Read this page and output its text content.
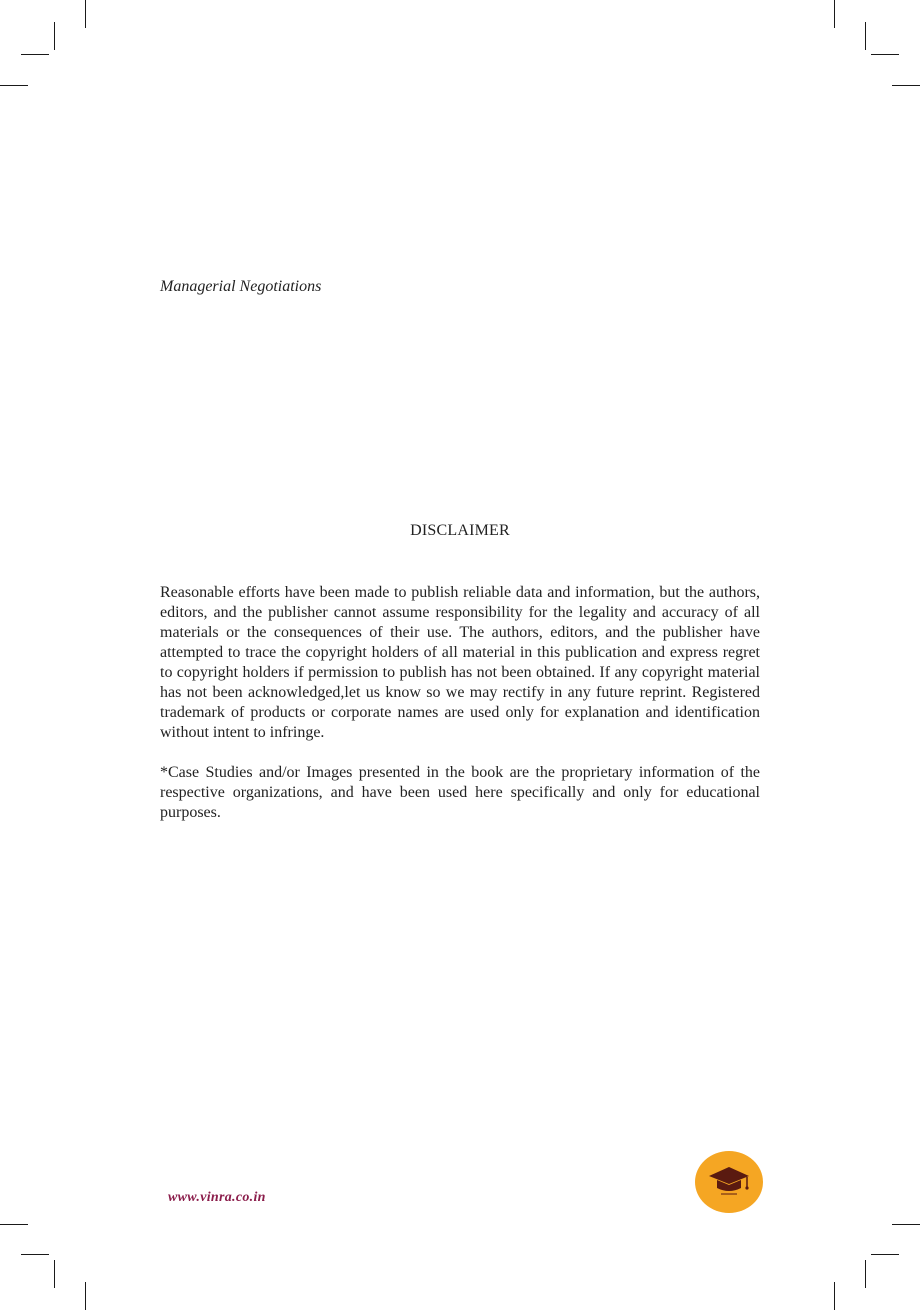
Managerial Negotiations
DISCLAIMER

Reasonable efforts have been made to publish reliable data and information, but the authors, editors, and the publisher cannot assume responsibility for the legality and accuracy of all materials or the consequences of their use. The authors, editors, and the publisher have attempted to trace the copyright holders of all material in this publication and express regret to copyright holders if permission to publish has not been obtained. If any copyright material has not been acknowledged,let us know so we may rectify in any future reprint. Registered trademark of products or corporate names are used only for explanation and identification without intent to infringe.

*Case Studies and/or Images presented in the book are the proprietary information of the respective organizations, and have been used here specifically and only for educational purposes.

www.vinra.co.in
